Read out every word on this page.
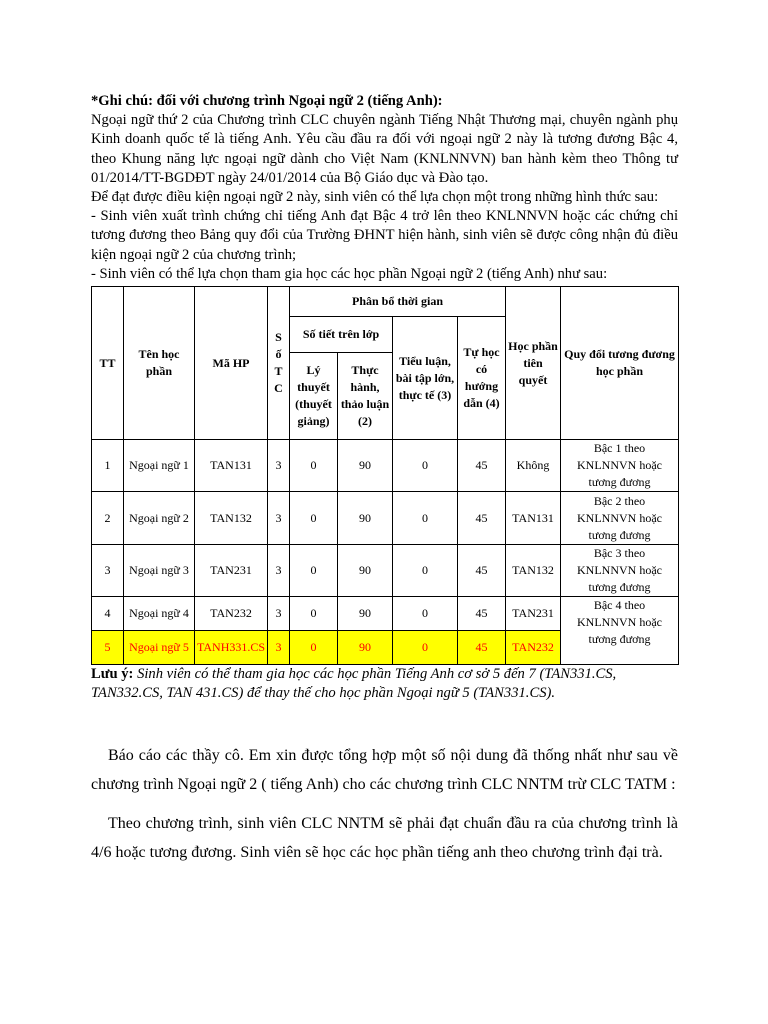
*Ghi chú: đối với chương trình Ngoại ngữ 2 (tiếng Anh):

Ngoại ngữ thứ 2 của Chương trình CLC chuyên ngành Tiếng Nhật Thương mại, chuyên ngành phụ Kinh doanh quốc tế là tiếng Anh. Yêu cầu đầu ra đối với ngoại ngữ 2 này là tương đương Bậc 4, theo Khung năng lực ngoại ngữ dành cho Việt Nam (KNLNNVN) ban hành kèm theo Thông tư 01/2014/TT-BGDĐT ngày 24/01/2014 của Bộ Giáo dục và Đào tạo.

Để đạt được điều kiện ngoại ngữ 2 này, sinh viên có thể lựa chọn một trong những hình thức sau:

- Sinh viên xuất trình chứng chỉ tiếng Anh đạt Bậc 4 trở lên theo KNLNNVN hoặc các chứng chỉ tương đương theo Bảng quy đổi của Trường ĐHNT hiện hành, sinh viên sẽ được công nhận đủ điều kiện ngoại ngữ 2 của chương trình;

- Sinh viên có thể lựa chọn tham gia học các học phần Ngoại ngữ 2 (tiếng Anh) như sau:

TT	Tên học phần	Mã HP	S ố T C	Phân bổ thời gian				Học phần tiên quyết	Quy đổi tương đương học phần
				Số tiết trên lớp		Tiểu luận, bài tập lớn, thực tế (3)	Tự học có hướng dẫn (4)		
				Lý thuyết (thuyết giảng)	Thực hành, thảo luận (2)				
1	Ngoại ngữ 1	TAN131	3	0	90	0	45	Không	Bậc 1 theo KNLNNVN hoặc tương đương
2	Ngoại ngữ 2	TAN132	3	0	90	0	45	TAN131	Bậc 2 theo KNLNNVN hoặc tương đương
3	Ngoại ngữ 3	TAN231	3	0	90	0	45	TAN132	Bậc 3 theo KNLNNVN hoặc tương đương
4	Ngoại ngữ 4	TAN232	3	0	90	0	45	TAN231	Bậc 4 theo KNLNNVN hoặc tương đương
5	Ngoại ngữ 5	TANH331.CS	3	0	90	0	45	TAN232	

Lưu ý: Sinh viên có thể tham gia học các học phần Tiếng Anh cơ sở 5 đến 7 (TAN331.CS, TAN332.CS, TAN 431.CS) để thay thế cho học phần Ngoại ngữ 5 (TAN331.CS).

Báo cáo các thầy cô. Em xin được tổng hợp một số nội dung đã thống nhất như sau về chương trình Ngoại ngữ 2 ( tiếng Anh) cho các chương trình CLC NNTM trừ CLC TATM :

Theo chương trình, sinh viên CLC NNTM sẽ phải đạt chuẩn đầu ra của chương trình là 4/6 hoặc tương đương. Sinh viên sẽ học các học phần tiếng anh theo chương trình đại trà.
